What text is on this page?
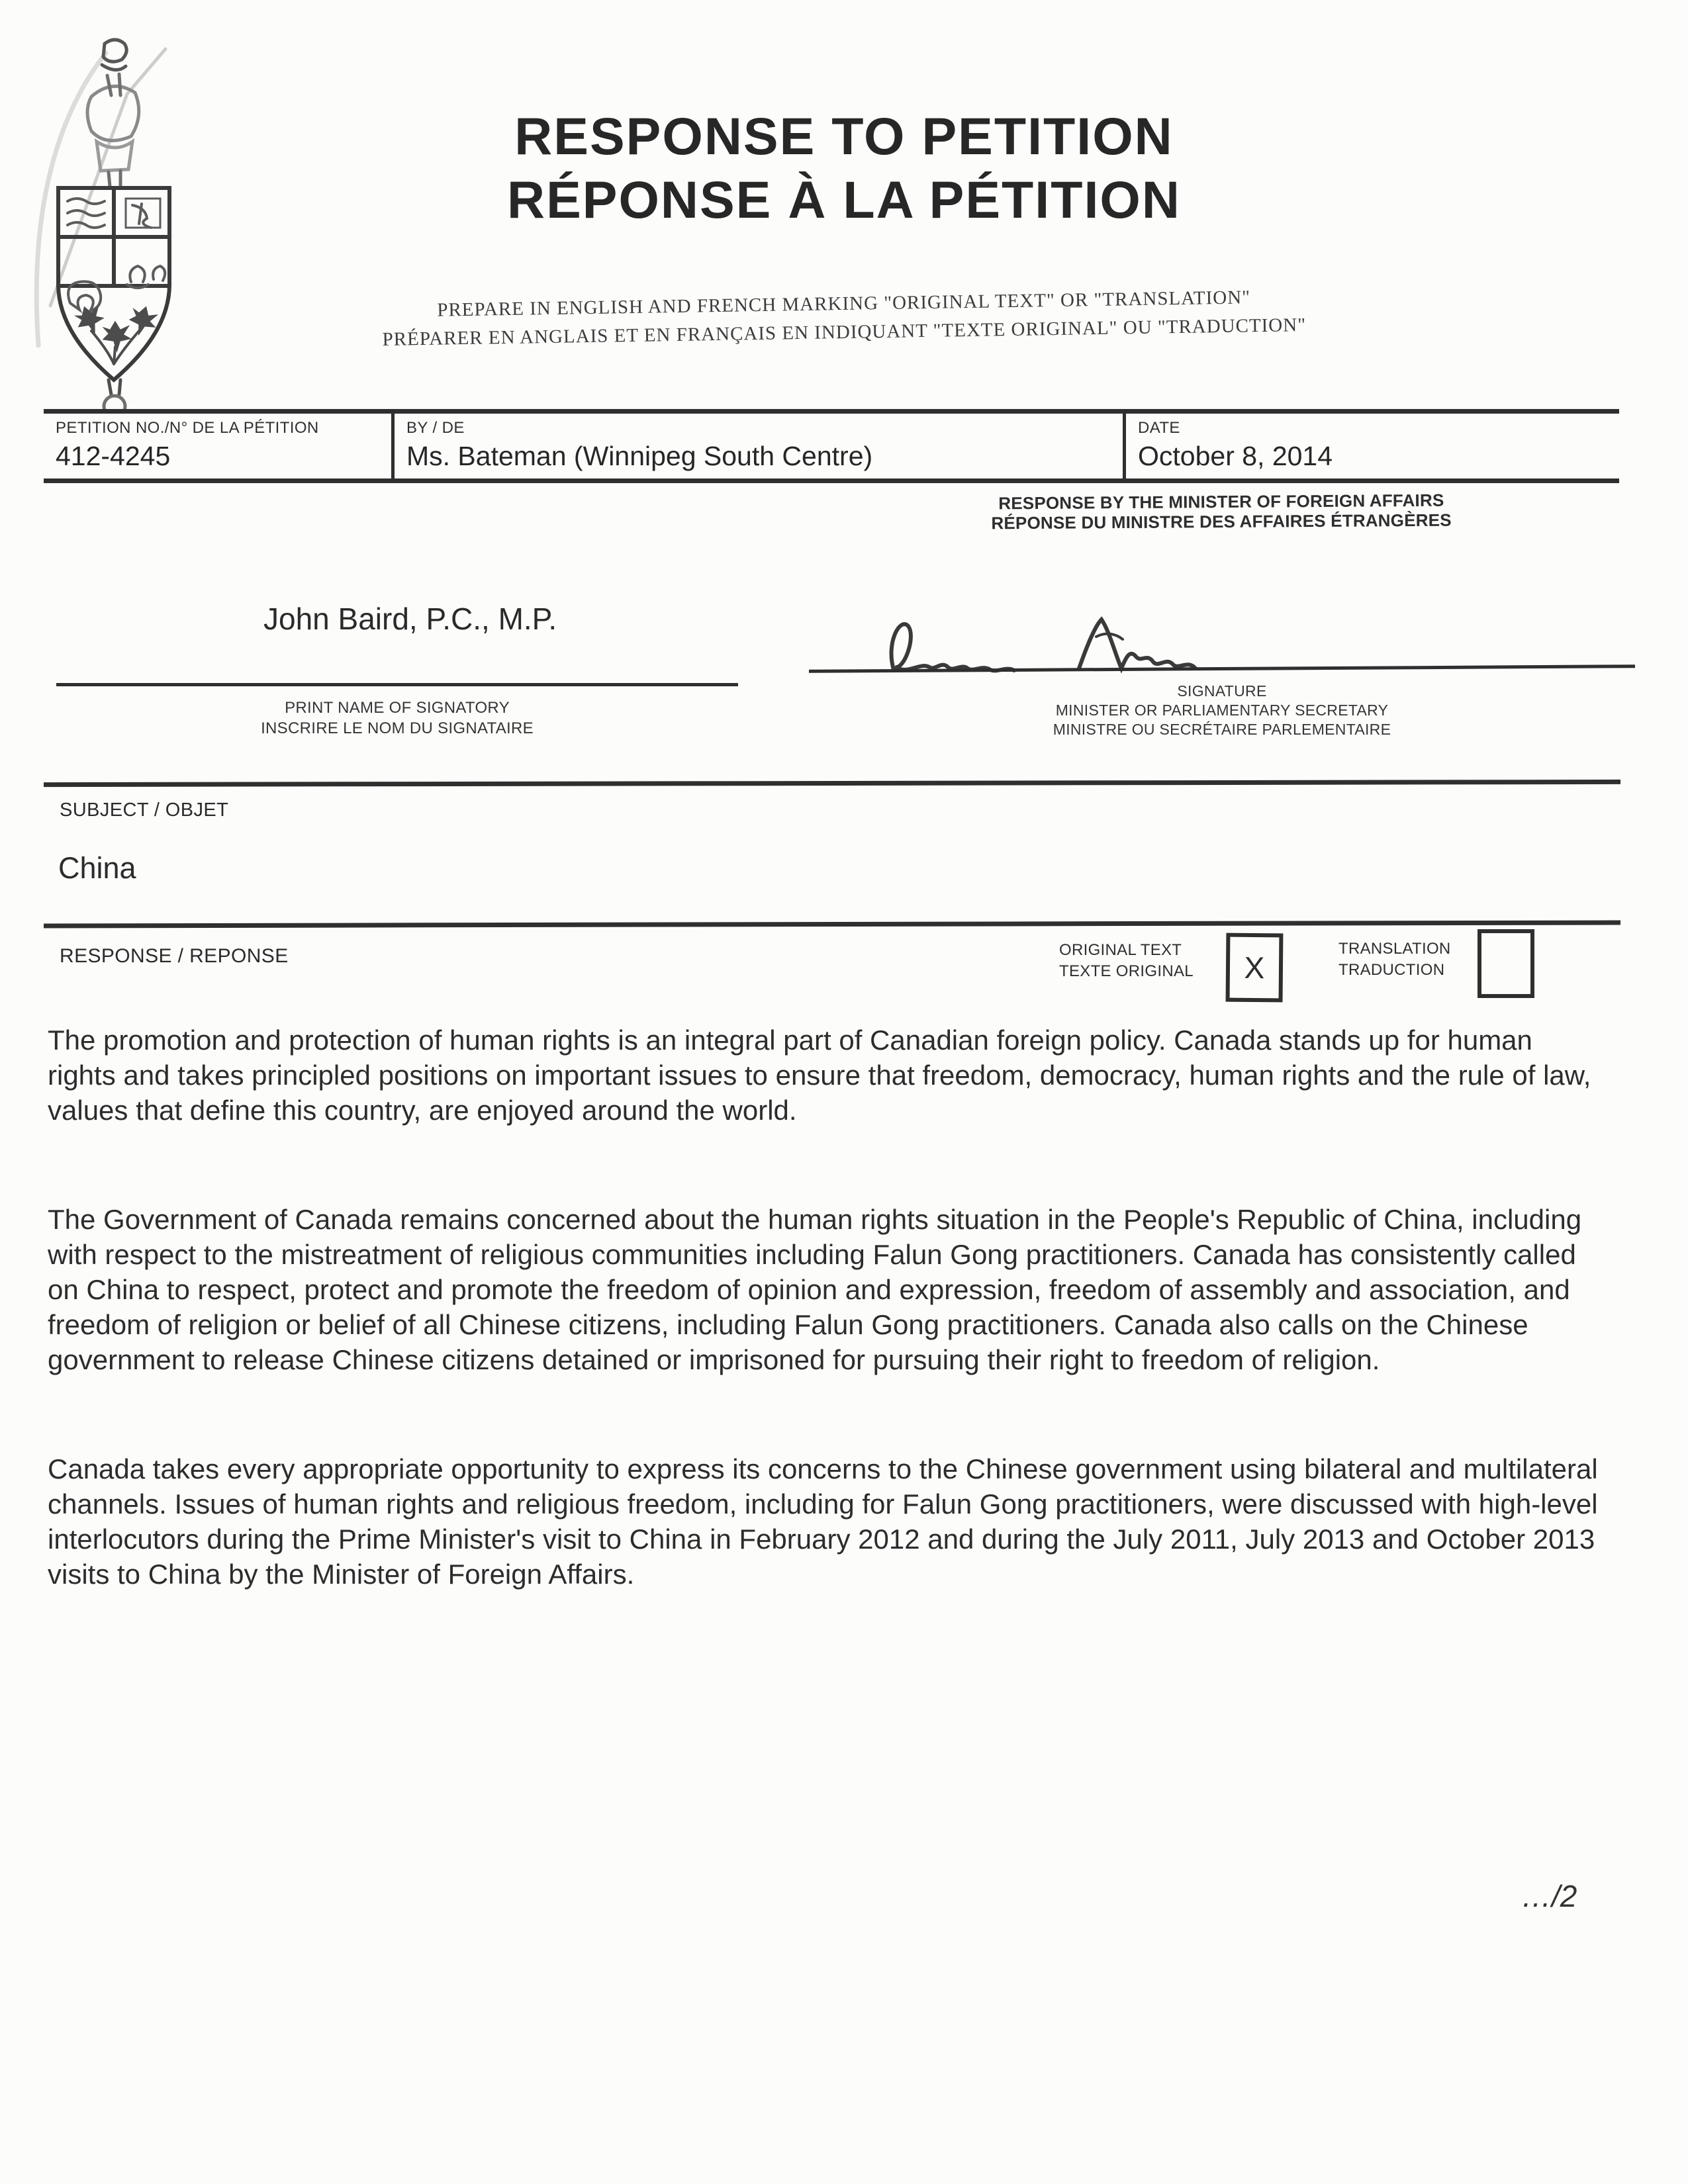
RESPONSE TO PETITION
RÉPONSE À LA PÉTITION
PREPARE IN ENGLISH AND FRENCH MARKING "ORIGINAL TEXT" OR "TRANSLATION"
PRÉPARER EN ANGLAIS ET EN FRANÇAIS EN INDIQUANT "TEXTE ORIGINAL" OU "TRADUCTION"
PETITION NO./N° DE LA PÉTITION
412-4245
BY / DE
Ms. Bateman (Winnipeg South Centre)
DATE
October 8, 2014
RESPONSE BY THE MINISTER OF FOREIGN AFFAIRS
RÉPONSE DU MINISTRE DES AFFAIRES ÉTRANGÈRES
John Baird, P.C., M.P.
PRINT NAME OF SIGNATORY
INSCRIRE LE NOM DU SIGNATAIRE
SIGNATURE
MINISTER OR PARLIAMENTARY SECRETARY
MINISTRE OU SECRÉTAIRE PARLEMENTAIRE
SUBJECT / OBJET
China
RESPONSE / REPONSE	ORIGINAL TEXT
TEXTE ORIGINAL X
TRANSLATION
TRADUCTION

The promotion and protection of human rights is an integral part of Canadian foreign policy. Canada stands up for human rights and takes principled positions on important issues to ensure that freedom, democracy, human rights and the rule of law, values that define this country, are enjoyed around the world.

The Government of Canada remains concerned about the human rights situation in the People's Republic of China, including with respect to the mistreatment of religious communities including Falun Gong practitioners. Canada has consistently called on China to respect, protect and promote the freedom of opinion and expression, freedom of assembly and association, and freedom of religion or belief of all Chinese citizens, including Falun Gong practitioners. Canada also calls on the Chinese government to release Chinese citizens detained or imprisoned for pursuing their right to freedom of religion.

Canada takes every appropriate opportunity to express its concerns to the Chinese government using bilateral and multilateral channels. Issues of human rights and religious freedom, including for Falun Gong practitioners, were discussed with high-level interlocutors during the Prime Minister's visit to China in February 2012 and during the July 2011, July 2013 and October 2013 visits to China by the Minister of Foreign Affairs.

…/2
